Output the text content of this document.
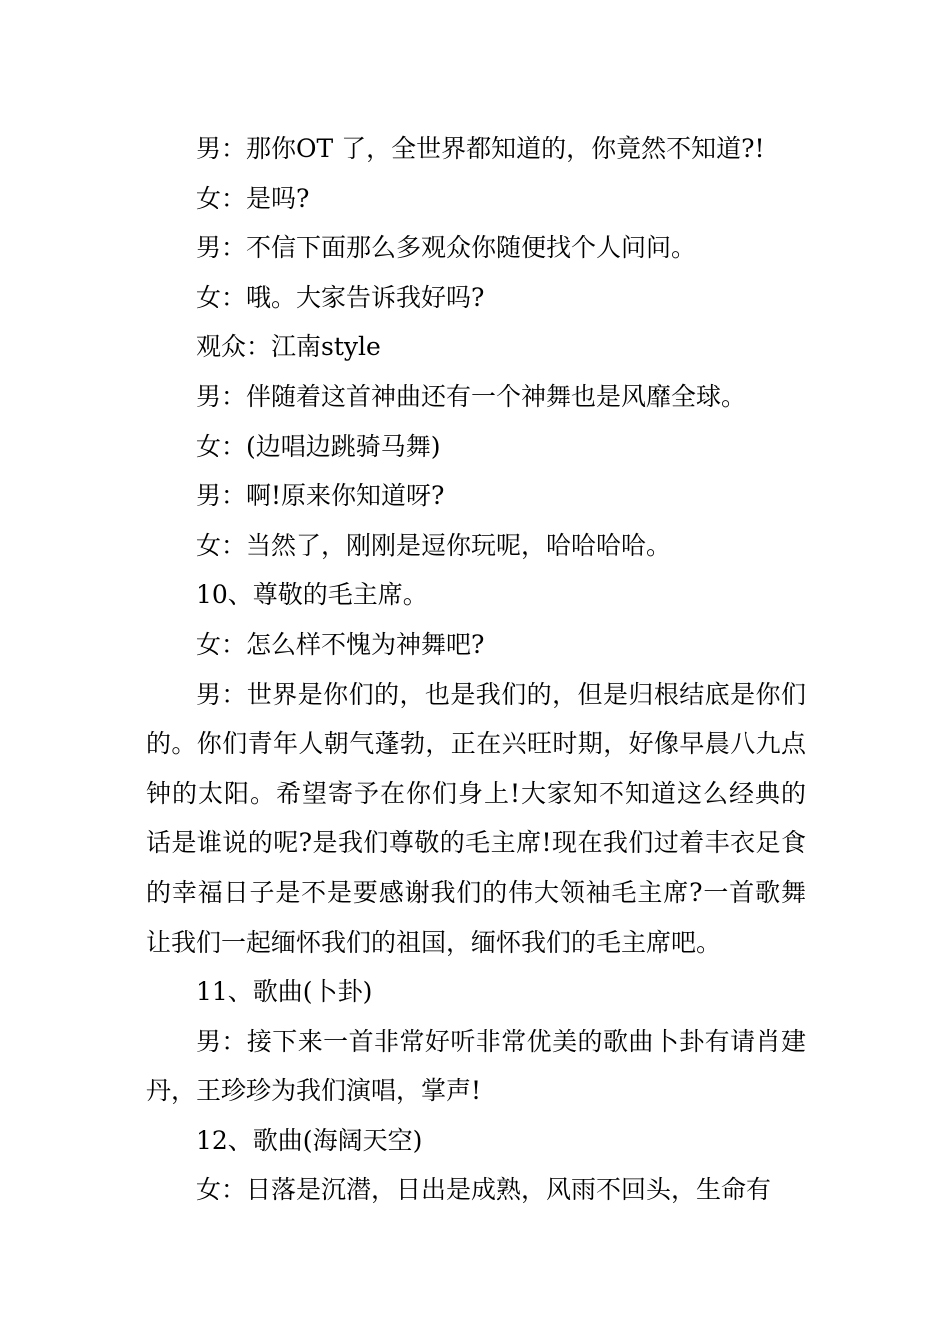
男：那你OT 了，全世界都知道的，你竟然不知道?!

女：是吗?

男：不信下面那么多观众你随便找个人问问。

女：哦。大家告诉我好吗?

观众：江南style

男：伴随着这首神曲还有一个神舞也是风靡全球。

女：(边唱边跳骑马舞)

男：啊!原来你知道呀?

女：当然了，刚刚是逗你玩呢，哈哈哈哈。

10、尊敬的毛主席。

女：怎么样不愧为神舞吧?

男：世界是你们的，也是我们的，但是归根结底是你们的。你们青年人朝气蓬勃，正在兴旺时期，好像早晨八九点钟的太阳。希望寄予在你们身上!大家知不知道这么经典的话是谁说的呢?是我们尊敬的毛主席!现在我们过着丰衣足食的幸福日子是不是要感谢我们的伟大领袖毛主席?一首歌舞让我们一起缅怀我们的祖国，缅怀我们的毛主席吧。

11、歌曲(卜卦)

男：接下来一首非常好听非常优美的歌曲卜卦有请肖建丹，王珍珍为我们演唱，掌声!

12、歌曲(海阔天空)

女：日落是沉潜，日出是成熟，风雨不回头，生命有
